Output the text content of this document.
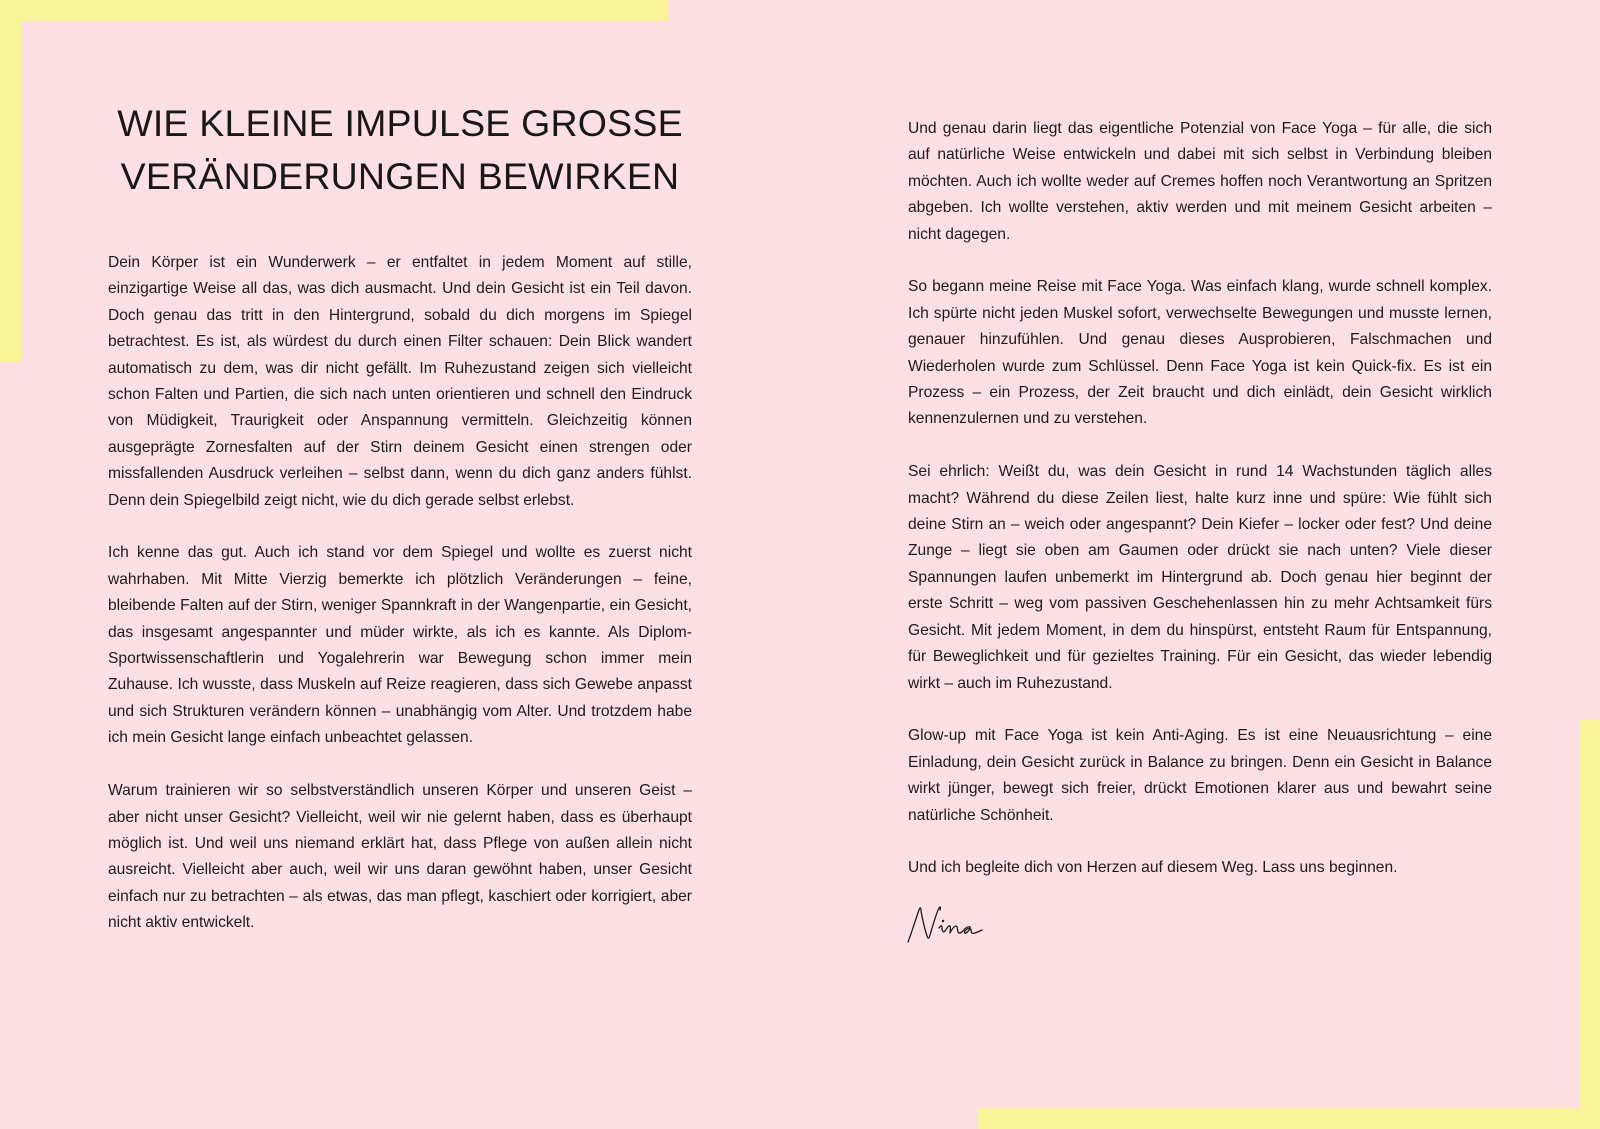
WIE KLEINE IMPULSE GROSSE
VERÄNDERUNGEN BEWIRKEN

Dein Körper ist ein Wunderwerk – er entfaltet in jedem Moment auf stille, einzigartige Weise all das, was dich ausmacht. Und dein Gesicht ist ein Teil davon. Doch genau das tritt in den Hintergrund, sobald du dich morgens im Spiegel betrachtest. Es ist, als würdest du durch einen Filter schauen: Dein Blick wandert automatisch zu dem, was dir nicht gefällt. Im Ruhezustand zeigen sich vielleicht schon Falten und Partien, die sich nach unten orientieren und schnell den Eindruck von Müdigkeit, Traurigkeit oder Anspannung vermitteln. Gleichzeitig können ausgeprägte Zornesfalten auf der Stirn deinem Gesicht einen strengen oder missfallenden Ausdruck verleihen – selbst dann, wenn du dich ganz anders fühlst. Denn dein Spiegelbild zeigt nicht, wie du dich gerade selbst erlebst.

Ich kenne das gut. Auch ich stand vor dem Spiegel und wollte es zuerst nicht wahrhaben. Mit Mitte Vierzig bemerkte ich plötzlich Veränderungen – feine, bleibende Falten auf der Stirn, weniger Spannkraft in der Wangenpartie, ein Gesicht, das insgesamt angespannter und müder wirkte, als ich es kannte. Als Diplom-Sportwissenschaftlerin und Yogalehrerin war Bewegung schon immer mein Zuhause. Ich wusste, dass Muskeln auf Reize reagieren, dass sich Gewebe anpasst und sich Strukturen verändern können – unabhängig vom Alter. Und trotzdem habe ich mein Gesicht lange einfach unbeachtet gelassen.

Warum trainieren wir so selbstverständlich unseren Körper und unseren Geist – aber nicht unser Gesicht? Vielleicht, weil wir nie gelernt haben, dass es überhaupt möglich ist. Und weil uns niemand erklärt hat, dass Pflege von außen allein nicht ausreicht. Vielleicht aber auch, weil wir uns daran gewöhnt haben, unser Gesicht einfach nur zu betrachten – als etwas, das man pflegt, kaschiert oder korrigiert, aber nicht aktiv entwickelt.

Und genau darin liegt das eigentliche Potenzial von Face Yoga – für alle, die sich auf natürliche Weise entwickeln und dabei mit sich selbst in Verbindung bleiben möchten. Auch ich wollte weder auf Cremes hoffen noch Verantwortung an Spritzen abgeben. Ich wollte verstehen, aktiv werden und mit meinem Gesicht arbeiten – nicht dagegen.

So begann meine Reise mit Face Yoga. Was einfach klang, wurde schnell komplex. Ich spürte nicht jeden Muskel sofort, verwechselte Bewegungen und musste lernen, genauer hinzufühlen. Und genau dieses Ausprobieren, Falschmachen und Wiederholen wurde zum Schlüssel. Denn Face Yoga ist kein Quick-fix. Es ist ein Prozess – ein Prozess, der Zeit braucht und dich einlädt, dein Gesicht wirklich kennenzulernen und zu verstehen.

Sei ehrlich: Weißt du, was dein Gesicht in rund 14 Wachstunden täglich alles macht? Während du diese Zeilen liest, halte kurz inne und spüre: Wie fühlt sich deine Stirn an – weich oder angespannt? Dein Kiefer – locker oder fest? Und deine Zunge – liegt sie oben am Gaumen oder drückt sie nach unten? Viele dieser Spannungen laufen unbemerkt im Hintergrund ab. Doch genau hier beginnt der erste Schritt – weg vom passiven Geschehenlassen hin zu mehr Achtsamkeit fürs Gesicht. Mit jedem Moment, in dem du hinspürst, entsteht Raum für Entspannung, für Beweglichkeit und für gezieltes Training. Für ein Gesicht, das wieder lebendig wirkt – auch im Ruhezustand.

Glow-up mit Face Yoga ist kein Anti-Aging. Es ist eine Neuausrichtung – eine Einladung, dein Gesicht zurück in Balance zu bringen. Denn ein Gesicht in Balance wirkt jünger, bewegt sich freier, drückt Emotionen klarer aus und bewahrt seine natürliche Schönheit.

Und ich begleite dich von Herzen auf diesem Weg. Lass uns beginnen.
